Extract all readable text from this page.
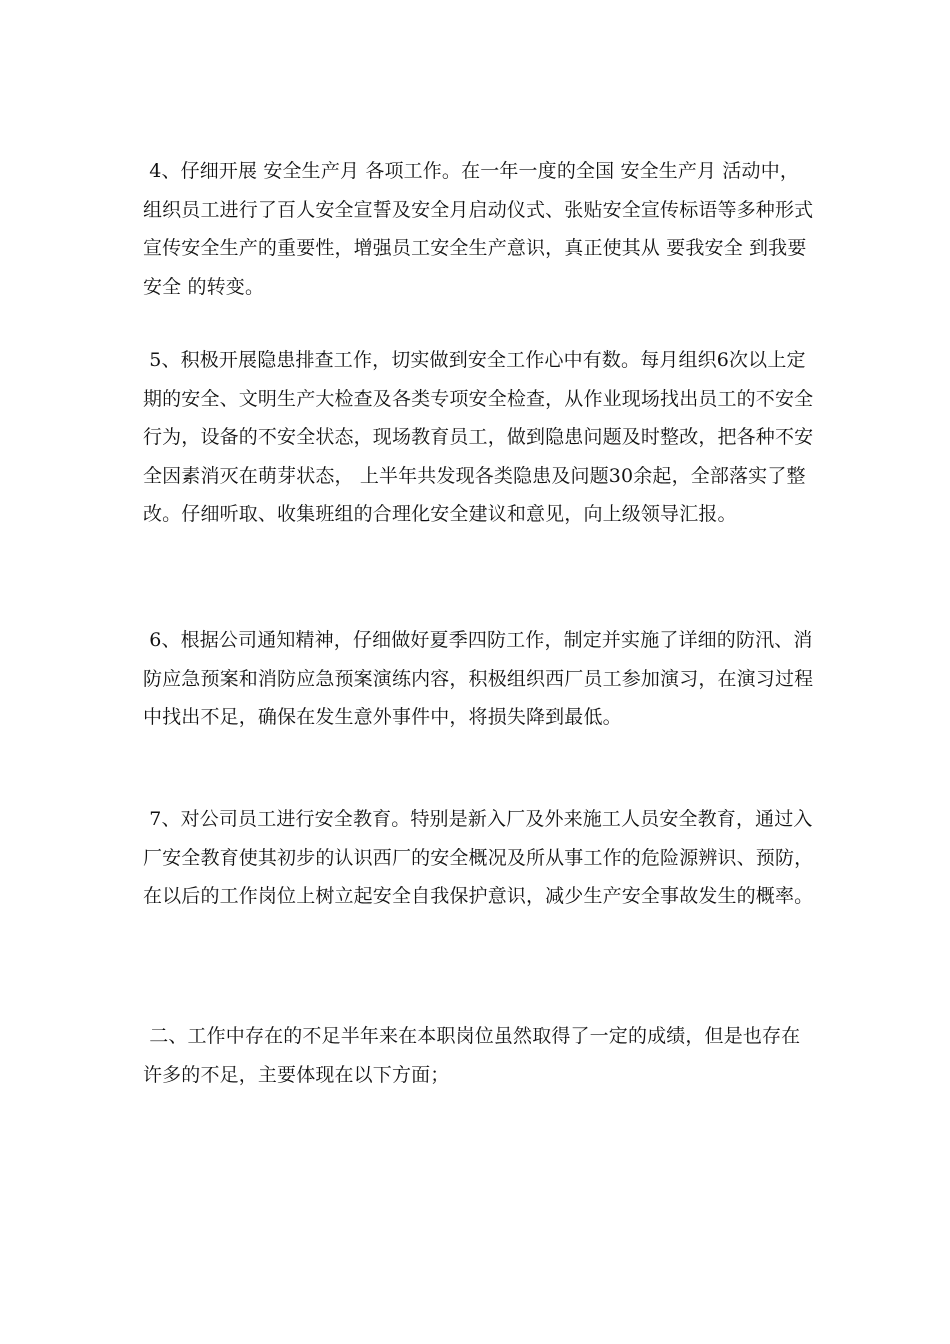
4、仔细开展 安全生产月 各项工作。在一年一度的全国 安全生产月 活动中，组织员工进行了百人安全宣誓及安全月启动仪式、张贴安全宣传标语等多种形式宣传安全生产的重要性，增强员工安全生产意识，真正使其从 要我安全 到我要安全 的转变。

5、积极开展隐患排查工作，切实做到安全工作心中有数。每月组织6次以上定期的安全、文明生产大检查及各类专项安全检查，从作业现场找出员工的不安全行为，设备的不安全状态，现场教育员工，做到隐患问题及时整改，把各种不安全因素消灭在萌芽状态， 上半年共发现各类隐患及问题30余起，全部落实了整改。仔细听取、收集班组的合理化安全建议和意见，向上级领导汇报。

6、根据公司通知精神，仔细做好夏季四防工作，制定并实施了详细的防汛、消防应急预案和消防应急预案演练内容，积极组织西厂员工参加演习，在演习过程中找出不足，确保在发生意外事件中，将损失降到最低。

7、对公司员工进行安全教育。特别是新入厂及外来施工人员安全教育，通过入厂安全教育使其初步的认识西厂的安全概况及所从事工作的危险源辨识、预防，在以后的工作岗位上树立起安全自我保护意识，减少生产安全事故发生的概率。

二、工作中存在的不足半年来在本职岗位虽然取得了一定的成绩，但是也存在许多的不足，主要体现在以下方面；
